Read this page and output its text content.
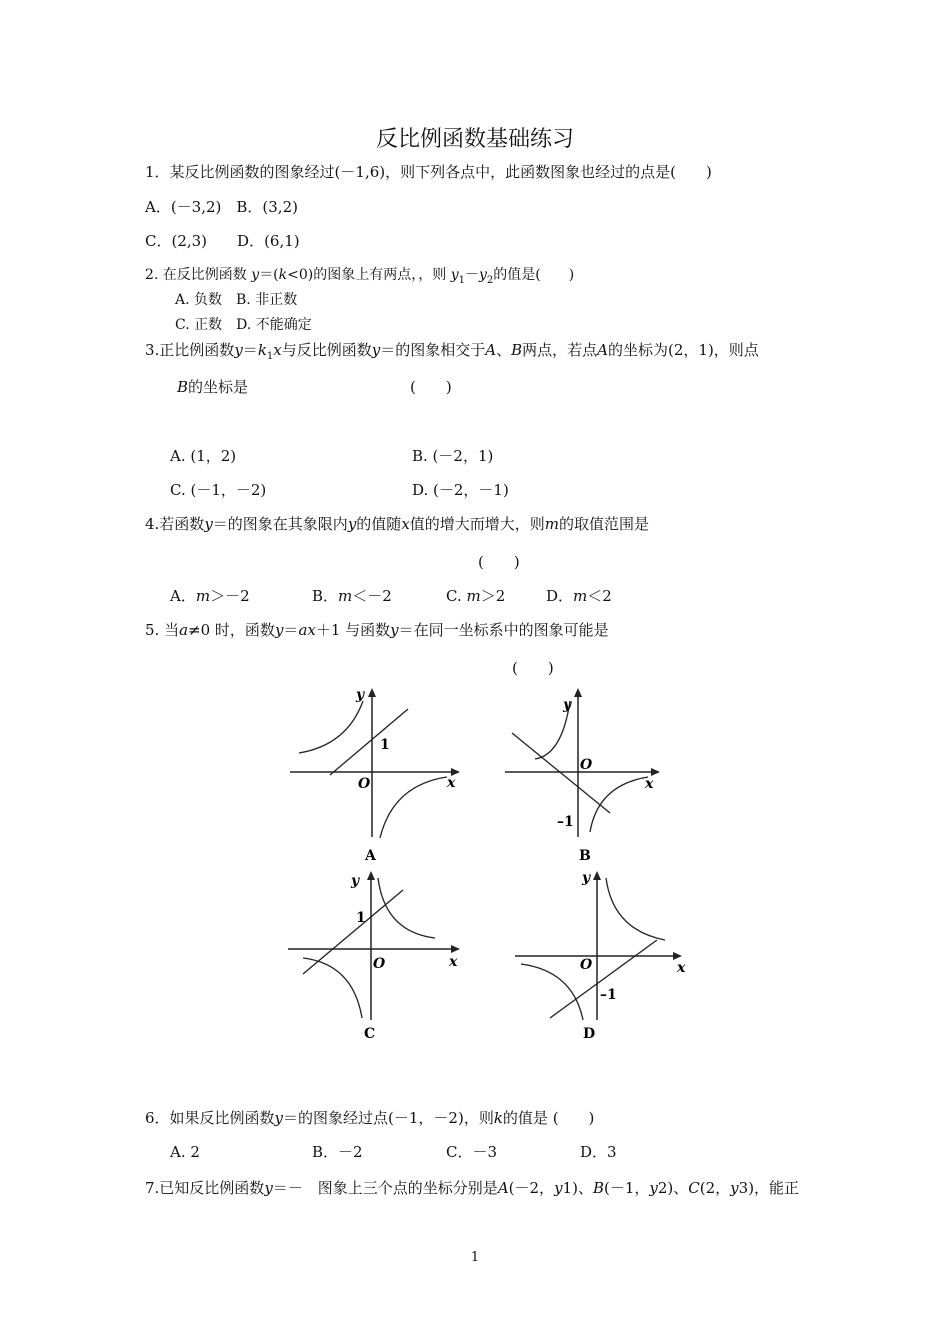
反比例函数基础练习
1．某反比例函数的图象经过(－1,6)，则下列各点中，此函数图象也经过的点是(　　)
A．(－3,2)　B．(3,2)
C．(2,3)　　D．(6,1)
2. 在反比例函数 y＝(k<0)的图象上有两点，，则 $y_1-y_2$的值是(　　)
A. 负数　B. 非正数
C. 正数　D. 不能确定
3.正比例函数$y=k_1x$与反比例函数y＝的图象相交于A、B两点，若点A的坐标为(2，1)，则点
B的坐标是	(　　)
A. (1，2)	B. (－2，1)
C. (－1，－2)	D. (－2，－1)
4.若函数y＝的图象在其象限内y的值随x值的增大而增大，则m的取值范围是
(　　)
A．m＞－2	B．m＜－2	C. m＞2	D．m＜2
5. 当a≠0 时，函数y＝ax＋1 与函数y＝在同一坐标系中的图象可能是
(　　)
y
x
O
1
A
y
x
O
–1
B
y
x
O
1
C
y
x
O
–1
D
6．如果反比例函数y＝的图象经过点(－1，－2)，则k的值是 (　　)
A. 2	B．－2	C．－3	D．3
7.已知反比例函数y＝－　图象上三个点的坐标分别是A(－2，y1)、B(－1，y2)、C(2，y3)，能正
1
